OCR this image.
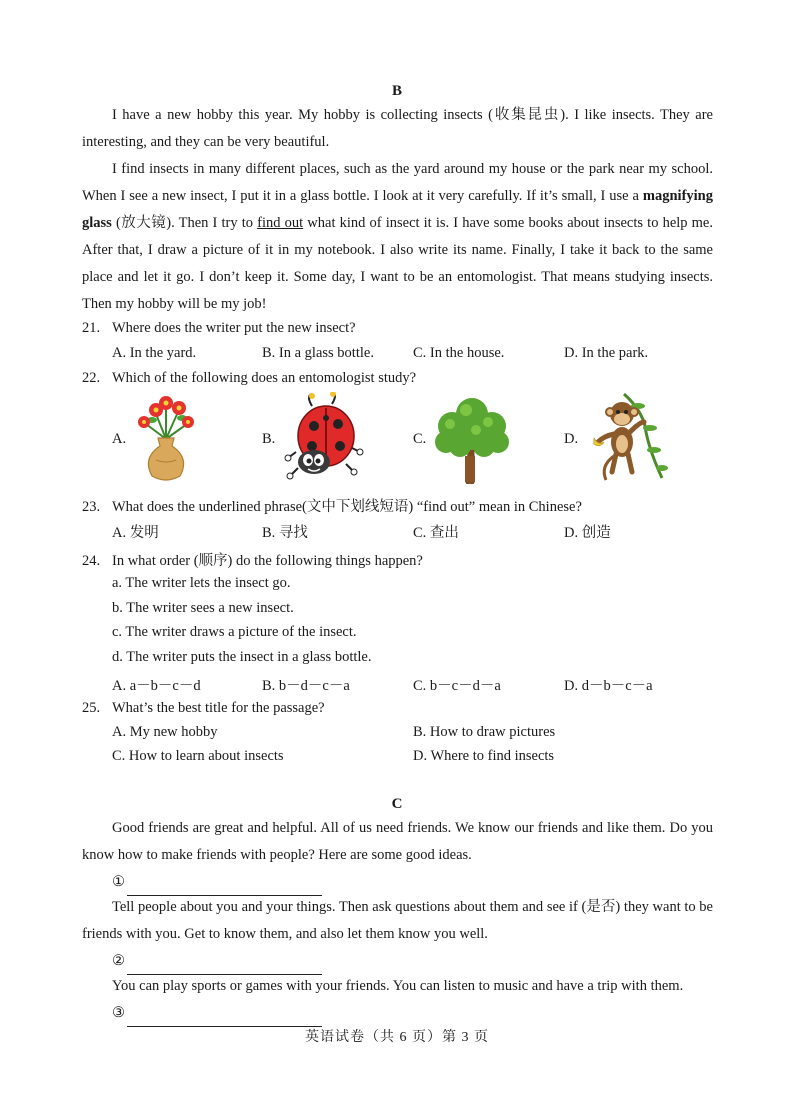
B

I have a new hobby this year. My hobby is collecting insects (收集昆虫). I like insects. They are interesting, and they can be very beautiful.

I find insects in many different places, such as the yard around my house or the park near my school. When I see a new insect, I put it in a glass bottle. I look at it very carefully. If it’s small, I use a magnifying glass (放大镜). Then I try to find out what kind of insect it is. I have some books about insects to help me. After that, I draw a picture of it in my notebook. I also write its name. Finally, I take it back to the same place and let it go. I don’t keep it. Some day, I want to be an entomologist. That means studying insects. Then my hobby will be my job!

21. Where does the writer put the new insect?
A. In the yard.	B. In a glass bottle.	C. In the house.	D. In the park.
22. Which of the following does an entomologist study?
A.	B.	C.	D.
23. What does the underlined phrase(文中下划线短语) “find out” mean in Chinese?
A. 发明	B. 寻找	C. 查出	D. 创造
24. In what order (顺序) do the following things happen?
a. The writer lets the insect go.
b. The writer sees a new insect.
c. The writer draws a picture of the insect.
d. The writer puts the insect in a glass bottle.
A. a－b－c－d	B. b－d－c－a	C. b－c－d－a	D. d－b－c－a
25. What’s the best title for the passage?
A. My new hobby	B. How to draw pictures
C. How to learn about insects	D. Where to find insects
C

Good friends are great and helpful. All of us need friends. We know our friends and like them. Do you know how to make friends with people? Here are some good ideas.

①

Tell people about you and your things. Then ask questions about them and see if (是否) they want to be friends with you. Get to know them, and also let them know you well.

②

You can play sports or games with your friends. You can listen to music and have a trip with them.

③

英语试卷（共 6 页）第 3 页
